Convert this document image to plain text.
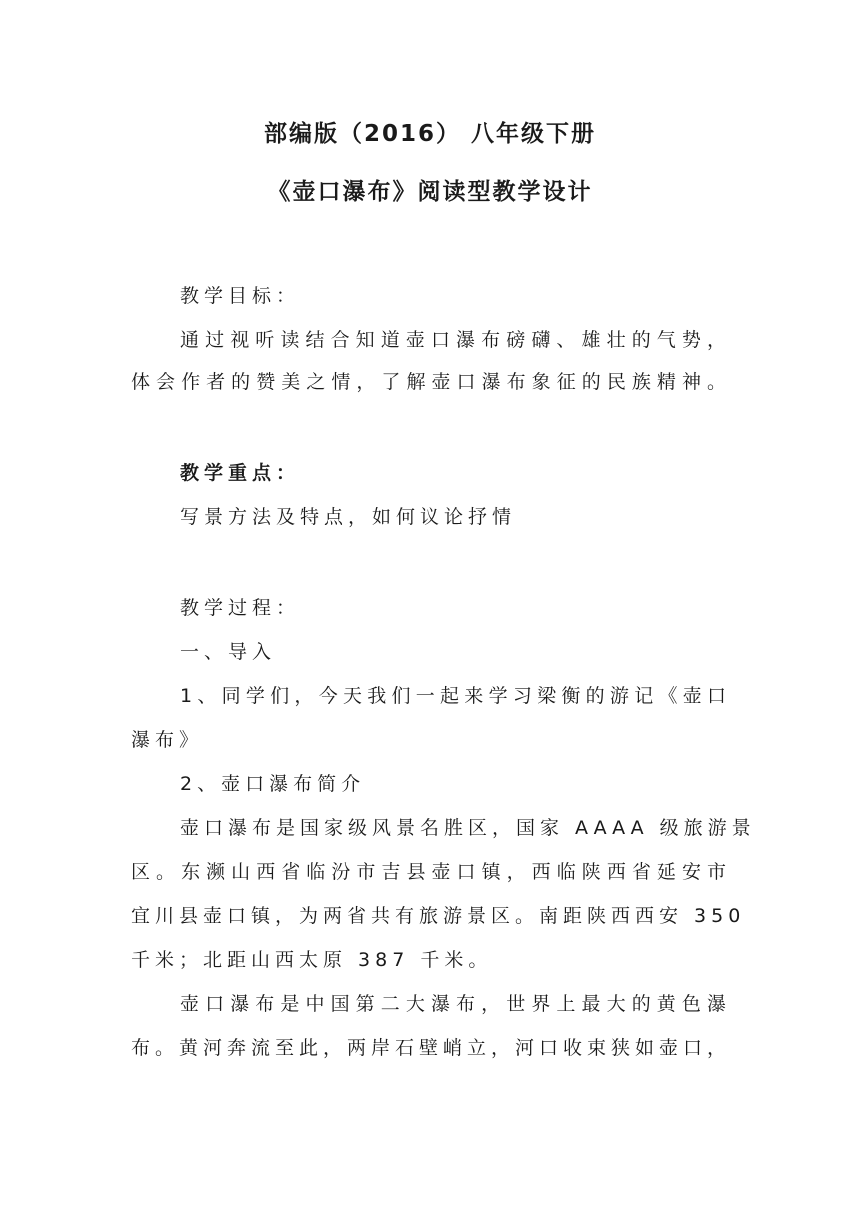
部编版（2016） 八年级下册
《壶口瀑布》阅读型教学设计
教学目标：
通过视听读结合知道壶口瀑布磅礴、雄壮的气势，
体会作者的赞美之情，了解壶口瀑布象征的民族精神。
教学重点：
写景方法及特点，如何议论抒情
教学过程：
一、导入
1、同学们，今天我们一起来学习梁衡的游记《壶口
瀑布》
2、壶口瀑布简介
壶口瀑布是国家级风景名胜区，国家 AAAA 级旅游景
区。东濒山西省临汾市吉县壶口镇，西临陕西省延安市
宜川县壶口镇，为两省共有旅游景区。南距陕西西安 350
千米；北距山西太原 387 千米。
壶口瀑布是中国第二大瀑布，世界上最大的黄色瀑
布。黄河奔流至此，两岸石壁峭立，河口收束狭如壶口，
